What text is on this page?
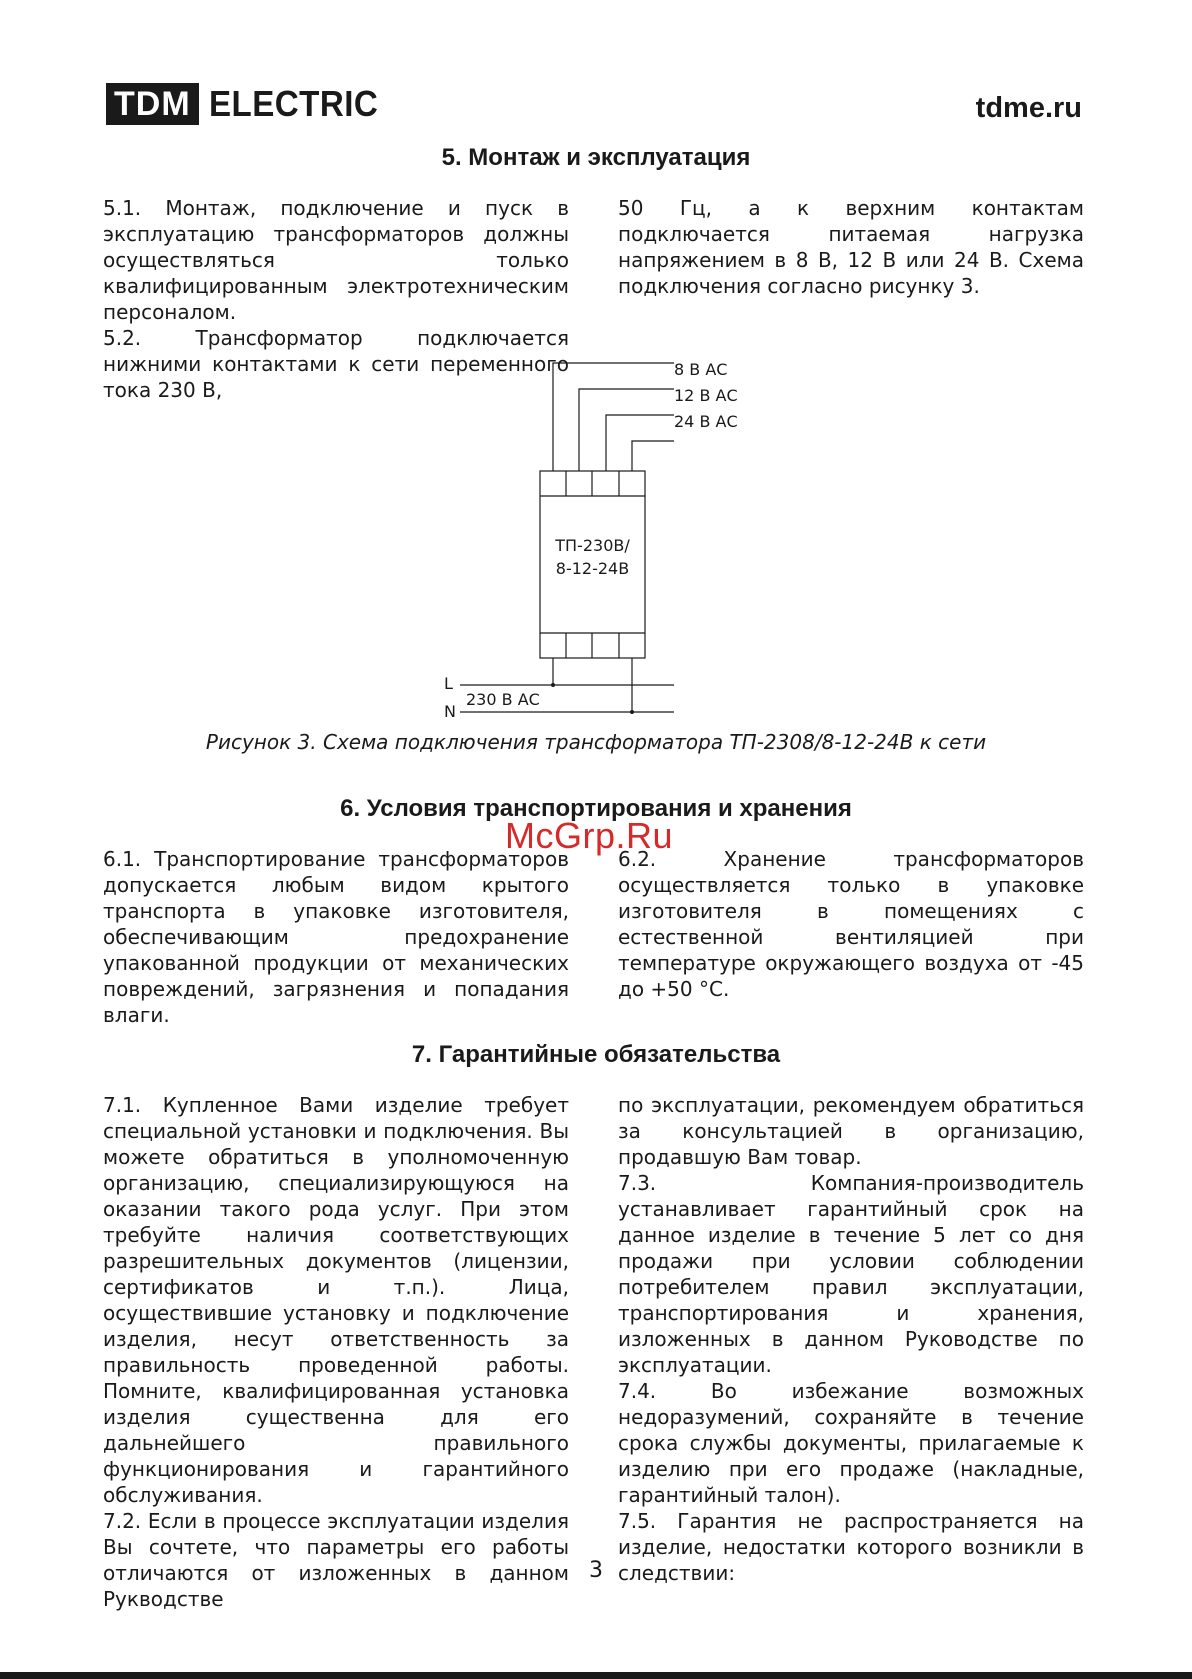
TDM ELECTRIC	tdme.ru
5. Монтаж и эксплуатация

5.1. Монтаж, подключение и пуск в эксплуатацию трансформаторов должны осуществляться только квалифицированным электротехническим персоналом.

5.2. Трансформатор подключается нижними контактами к сети переменного тока 230 В,

50 Гц, а к верхним контактам подключается питаемая нагрузка напряжением в 8 В, 12 В или 24 В. Схема подключения согласно рисунку 3.

8 В АС
12 В АС
24 В АС
ТП-230В/
8-12-24В
L
N
230 В АС
Рисунок 3. Схема подключения трансформатора ТП-2308/8-12-24В к сети
6. Условия транспортирования и хранения

6.1. Транспортирование трансформаторов допускается любым видом крытого транспорта в упаковке изготовителя, обеспечивающим предохранение упакованной продукции от механических повреждений, загрязнения и попадания влаги.

6.2. Хранение трансформаторов осуществляется только в упаковке изготовителя в помещениях с естественной вентиляцией при температуре окружающего воздуха от -45 до +50 °С.

McGrp.Ru
7. Гарантийные обязательства

7.1. Купленное Вами изделие требует специальной установки и подключения. Вы можете обратиться в уполномоченную организацию, специализирующуюся на оказании такого рода услуг. При этом требуйте наличия соответствующих разрешительных документов (лицензии, сертификатов и т.п.). Лица, осуществившие установку и подключение изделия, несут ответственность за правильность проведенной работы. Помните, квалифицированная установка изделия существенна для его дальнейшего правильного функционирования и гарантийного обслуживания.

7.2. Если в процессе эксплуатации изделия Вы сочтете, что параметры его работы отличаются от изложенных в данном Рукводстве

по эксплуатации, рекомендуем обратиться за консультацией в организацию, продавшую Вам товар.

7.3. Компания-производитель устанавливает гарантийный срок на данное изделие в течение 5 лет со дня продажи при условии соблюдении потребителем правил эксплуатации, транспортирования и хранения, изложенных в данном Руководстве по эксплуатации.

7.4. Во избежание возможных недоразумений, сохраняйте в течение срока службы документы, прилагаемые к изделию при его продаже (накладные, гарантийный талон).

7.5. Гарантия не распространяется на изделие, недостатки которого возникли в следствии:

3
